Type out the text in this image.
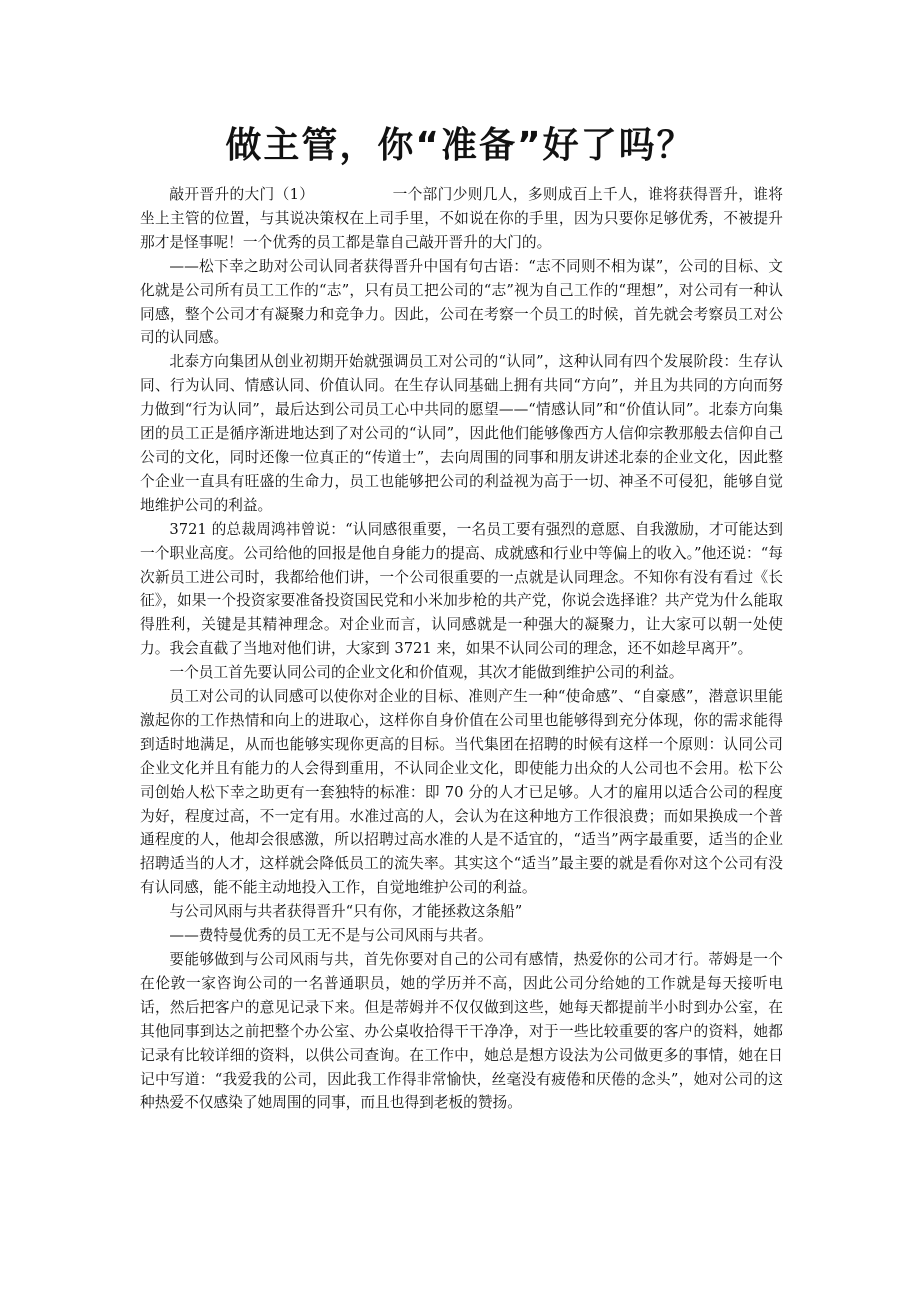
做主管，你“准备”好了吗？

敲开晋升的大门（1）	一个部门少则几人，多则成百上千人，谁将获得晋升，谁将坐上主管的位置，与其说决策权在上司手里，不如说在你的手里，因为只要你足够优秀，不被提升那才是怪事呢！一个优秀的员工都是靠自己敲开晋升的大门的。

——松下幸之助对公司认同者获得晋升中国有句古语：“志不同则不相为谋”，公司的目标、文化就是公司所有员工工作的“志”，只有员工把公司的“志”视为自己工作的“理想”，对公司有一种认同感，整个公司才有凝聚力和竞争力。因此，公司在考察一个员工的时候，首先就会考察员工对公司的认同感。

北泰方向集团从创业初期开始就强调员工对公司的“认同”，这种认同有四个发展阶段：生存认同、行为认同、情感认同、价值认同。在生存认同基础上拥有共同“方向”，并且为共同的方向而努力做到“行为认同”，最后达到公司员工心中共同的愿望——“情感认同”和“价值认同”。北泰方向集团的员工正是循序渐进地达到了对公司的“认同”，因此他们能够像西方人信仰宗教那般去信仰自己公司的文化，同时还像一位真正的“传道士”，去向周围的同事和朋友讲述北泰的企业文化，因此整个企业一直具有旺盛的生命力，员工也能够把公司的利益视为高于一切、神圣不可侵犯，能够自觉地维护公司的利益。

3721 的总裁周鸿祎曾说：“认同感很重要，一名员工要有强烈的意愿、自我激励，才可能达到一个职业高度。公司给他的回报是他自身能力的提高、成就感和行业中等偏上的收入。”他还说：“每次新员工进公司时，我都给他们讲，一个公司很重要的一点就是认同理念。不知你有没有看过《长征》，如果一个投资家要准备投资国民党和小米加步枪的共产党，你说会选择谁？共产党为什么能取得胜利，关键是其精神理念。对企业而言，认同感就是一种强大的凝聚力，让大家可以朝一处使力。我会直截了当地对他们讲，大家到 3721 来，如果不认同公司的理念，还不如趁早离开”。

一个员工首先要认同公司的企业文化和价值观，其次才能做到维护公司的利益。

员工对公司的认同感可以使你对企业的目标、准则产生一种“使命感”、“自豪感”，潜意识里能激起你的工作热情和向上的进取心，这样你自身价值在公司里也能够得到充分体现，你的需求能得到适时地满足，从而也能够实现你更高的目标。当代集团在招聘的时候有这样一个原则：认同公司企业文化并且有能力的人会得到重用，不认同企业文化，即使能力出众的人公司也不会用。松下公司创始人松下幸之助更有一套独特的标准：即 70 分的人才已足够。人才的雇用以适合公司的程度为好，程度过高，不一定有用。水准过高的人，会认为在这种地方工作很浪费；而如果换成一个普通程度的人，他却会很感激，所以招聘过高水准的人是不适宜的，“适当”两字最重要，适当的企业招聘适当的人才，这样就会降低员工的流失率。其实这个“适当”最主要的就是看你对这个公司有没有认同感，能不能主动地投入工作，自觉地维护公司的利益。

与公司风雨与共者获得晋升“只有你，才能拯救这条船”

——费特曼优秀的员工无不是与公司风雨与共者。

要能够做到与公司风雨与共，首先你要对自己的公司有感情，热爱你的公司才行。蒂姆是一个在伦敦一家咨询公司的一名普通职员，她的学历并不高，因此公司分给她的工作就是每天接听电话，然后把客户的意见记录下来。但是蒂姆并不仅仅做到这些，她每天都提前半小时到办公室，在其他同事到达之前把整个办公室、办公桌收拾得干干净净，对于一些比较重要的客户的资料，她都记录有比较详细的资料，以供公司查询。在工作中，她总是想方设法为公司做更多的事情，她在日记中写道：“我爱我的公司，因此我工作得非常愉快，丝毫没有疲倦和厌倦的念头”，她对公司的这种热爱不仅感染了她周围的同事，而且也得到老板的赞扬。
